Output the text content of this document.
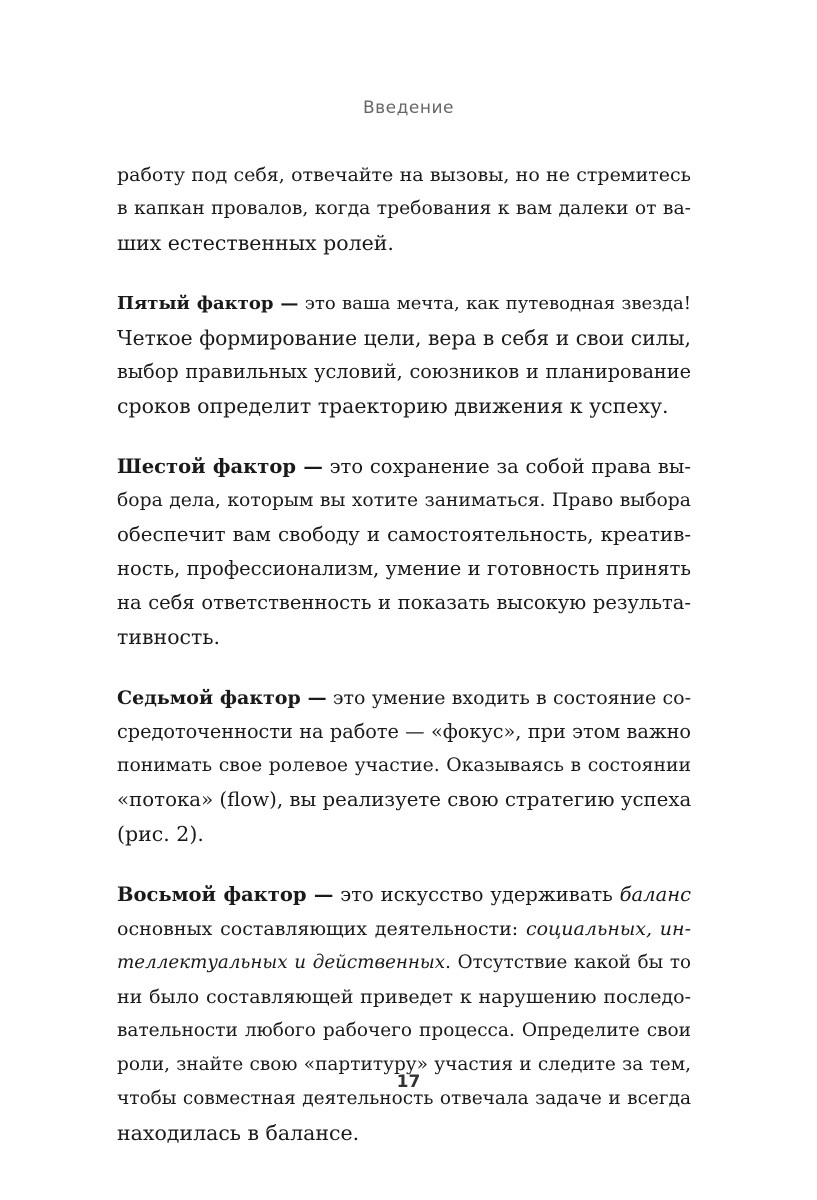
Введение
работу под себя, отвечайте на вызовы, но не стремитесь
в капкан провалов, когда требования к вам далеки от ва-
ших естественных ролей.
Пятый фактор — это ваша мечта, как путеводная звезда!
Четкое формирование цели, вера в себя и свои силы,
выбор правильных условий, союзников и планирование
сроков определит траекторию движения к успеху.
Шестой фактор — это сохранение за собой права вы-
бора дела, которым вы хотите заниматься. Право выбора
обеспечит вам свободу и самостоятельность, креатив-
ность, профессионализм, умение и готовность принять
на себя ответственность и показать высокую результа-
тивность.
Седьмой фактор — это умение входить в состояние со-
средоточенности на работе — «фокус», при этом важно
понимать свое ролевое участие. Оказываясь в состоянии
«потока» (flow), вы реализуете свою стратегию успеха
(рис. 2).
Восьмой фактор — это искусство удерживать баланс
основных составляющих деятельности: социальных, ин-
теллектуальных и действенных. Отсутствие какой бы то
ни было составляющей приведет к нарушению последо-
вательности любого рабочего процесса. Определите свои
роли, знайте свою «партитуру» участия и следите за тем,
чтобы совместная деятельность отвечала задаче и всегда
находилась в балансе.
17
